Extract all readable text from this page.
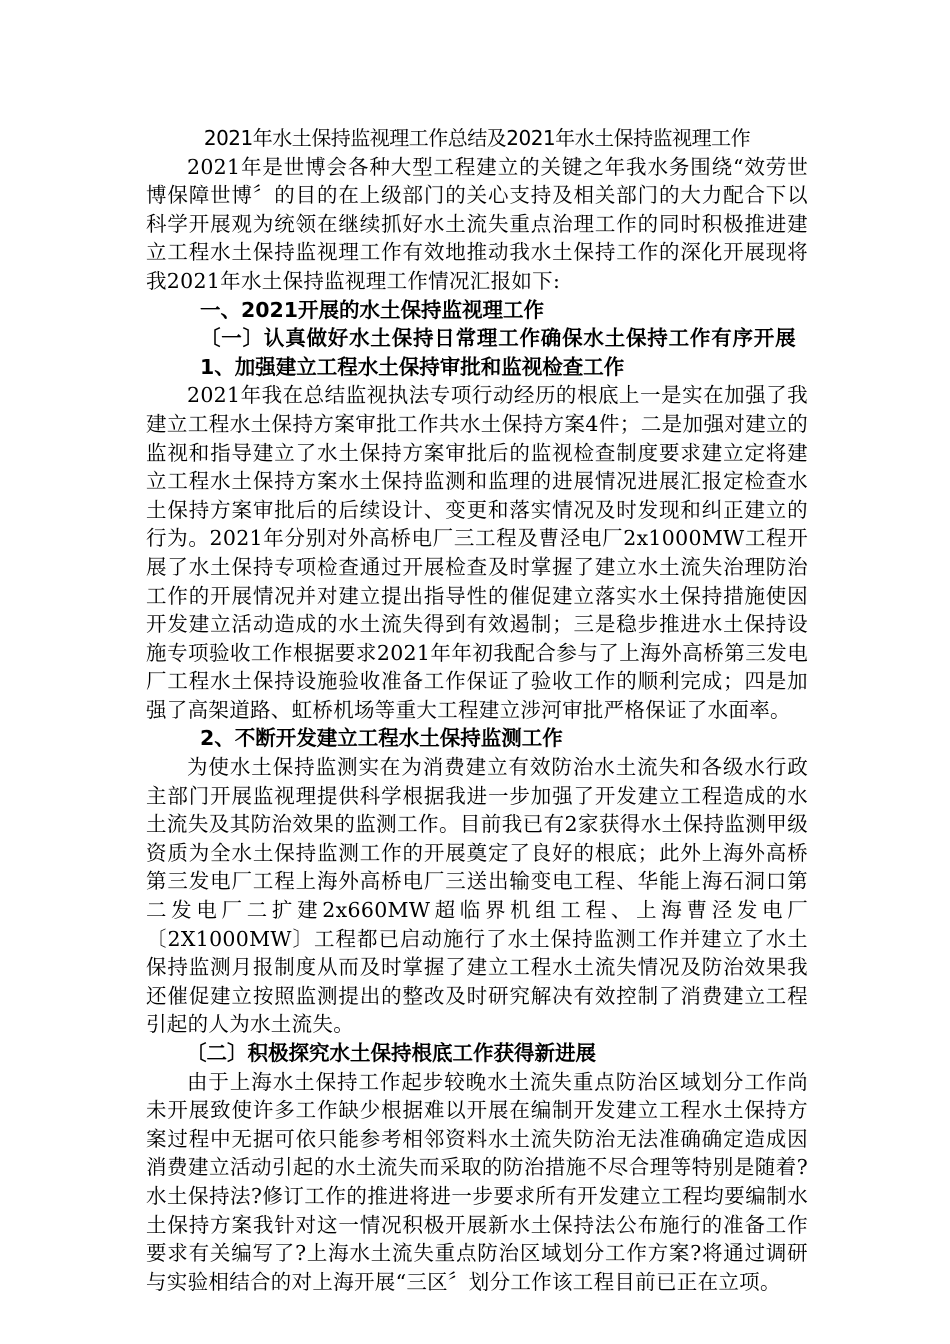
2021年水土保持监视理工作总结及2021年水土保持监视理工作

2021年是世博会各种大型工程建立的关键之年我水务围绕“效劳世博保障世博〞的目的在上级部门的关心支持及相关部门的大力配合下以科学开展观为统领在继续抓好水土流失重点治理工作的同时积极推进建立工程水土保持监视理工作有效地推动我水土保持工作的深化开展现将我2021年水土保持监视理工作情况汇报如下:

一、2021开展的水土保持监视理工作

〔一〕认真做好水土保持日常理工作确保水土保持工作有序开展

1、加强建立工程水土保持审批和监视检查工作

2021年我在总结监视执法专项行动经历的根底上一是实在加强了我建立工程水土保持方案审批工作共水土保持方案4件；二是加强对建立的监视和指导建立了水土保持方案审批后的监视检查制度要求建立定将建立工程水土保持方案水土保持监测和监理的进展情况进展汇报定检查水土保持方案审批后的后续设计、变更和落实情况及时发现和纠正建立的行为。2021年分别对外高桥电厂三工程及曹泾电厂2x1000MW工程开展了水土保持专项检查通过开展检查及时掌握了建立水土流失治理防治工作的开展情况并对建立提出指导性的催促建立落实水土保持措施使因开发建立活动造成的水土流失得到有效遏制；三是稳步推进水土保持设施专项验收工作根据要求2021年年初我配合参与了上海外高桥第三发电厂工程水土保持设施验收准备工作保证了验收工作的顺利完成；四是加强了高架道路、虹桥机场等重大工程建立涉河审批严格保证了水面率。

2、不断开发建立工程水土保持监测工作

为使水土保持监测实在为消费建立有效防治水土流失和各级水行政主部门开展监视理提供科学根据我进一步加强了开发建立工程造成的水土流失及其防治效果的监测工作。目前我已有2家获得水土保持监测甲级资质为全水土保持监测工作的开展奠定了良好的根底；此外上海外高桥第三发电厂工程上海外高桥电厂三送出输变电工程、华能上海石洞口第二发电厂二扩建2x660MW超临界机组工程、上海曹泾发电厂〔2X1000MW〕工程都已启动施行了水土保持监测工作并建立了水土保持监测月报制度从而及时掌握了建立工程水土流失情况及防治效果我还催促建立按照监测提出的整改及时研究解决有效控制了消费建立工程引起的人为水土流失。

〔二〕积极探究水土保持根底工作获得新进展

由于上海水土保持工作起步较晚水土流失重点防治区域划分工作尚未开展致使许多工作缺少根据难以开展在编制开发建立工程水土保持方案过程中无据可依只能参考相邻资料水土流失防治无法准确确定造成因消费建立活动引起的水土流失而采取的防治措施不尽合理等特别是随着?水土保持法?修订工作的推进将进一步要求所有开发建立工程均要编制水土保持方案我针对这一情况积极开展新水土保持法公布施行的准备工作要求有关编写了?上海水土流失重点防治区域划分工作方案?将通过调研与实验相结合的对上海开展“三区〞划分工作该工程目前已正在立项。
